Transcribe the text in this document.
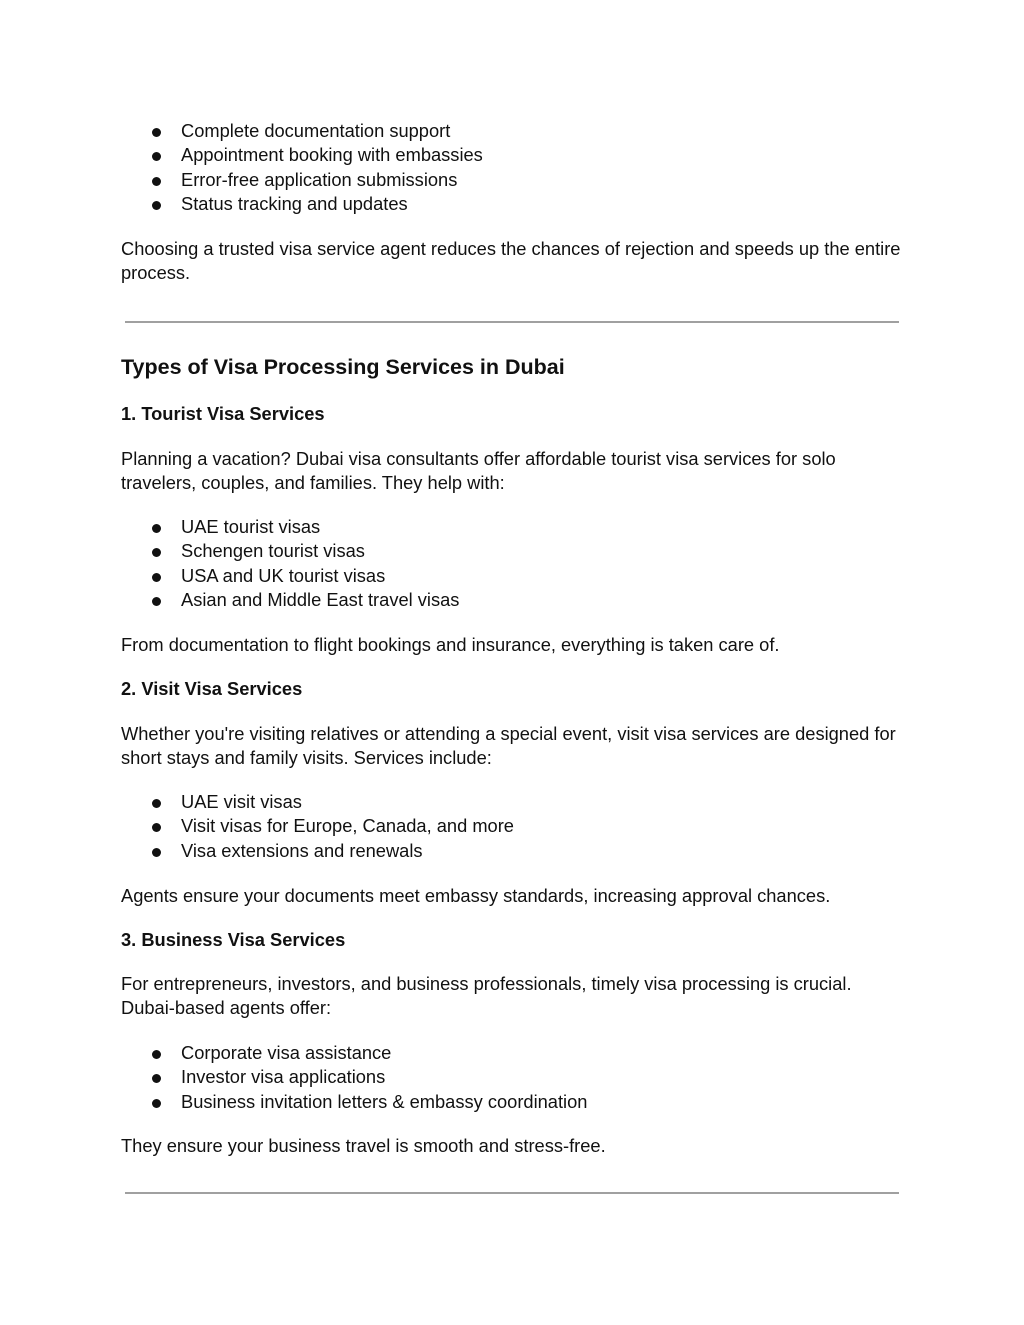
Complete documentation support
Appointment booking with embassies
Error-free application submissions
Status tracking and updates

Choosing a trusted visa service agent reduces the chances of rejection and speeds up the entire process.

Types of Visa Processing Services in Dubai
1. Tourist Visa Services

Planning a vacation? Dubai visa consultants offer affordable tourist visa services for solo travelers, couples, and families. They help with:

UAE tourist visas
Schengen tourist visas
USA and UK tourist visas
Asian and Middle East travel visas

From documentation to flight bookings and insurance, everything is taken care of.

2. Visit Visa Services

Whether you're visiting relatives or attending a special event, visit visa services are designed for short stays and family visits. Services include:

UAE visit visas
Visit visas for Europe, Canada, and more
Visa extensions and renewals

Agents ensure your documents meet embassy standards, increasing approval chances.

3. Business Visa Services

For entrepreneurs, investors, and business professionals, timely visa processing is crucial. Dubai-based agents offer:

Corporate visa assistance
Investor visa applications
Business invitation letters & embassy coordination

They ensure your business travel is smooth and stress-free.
